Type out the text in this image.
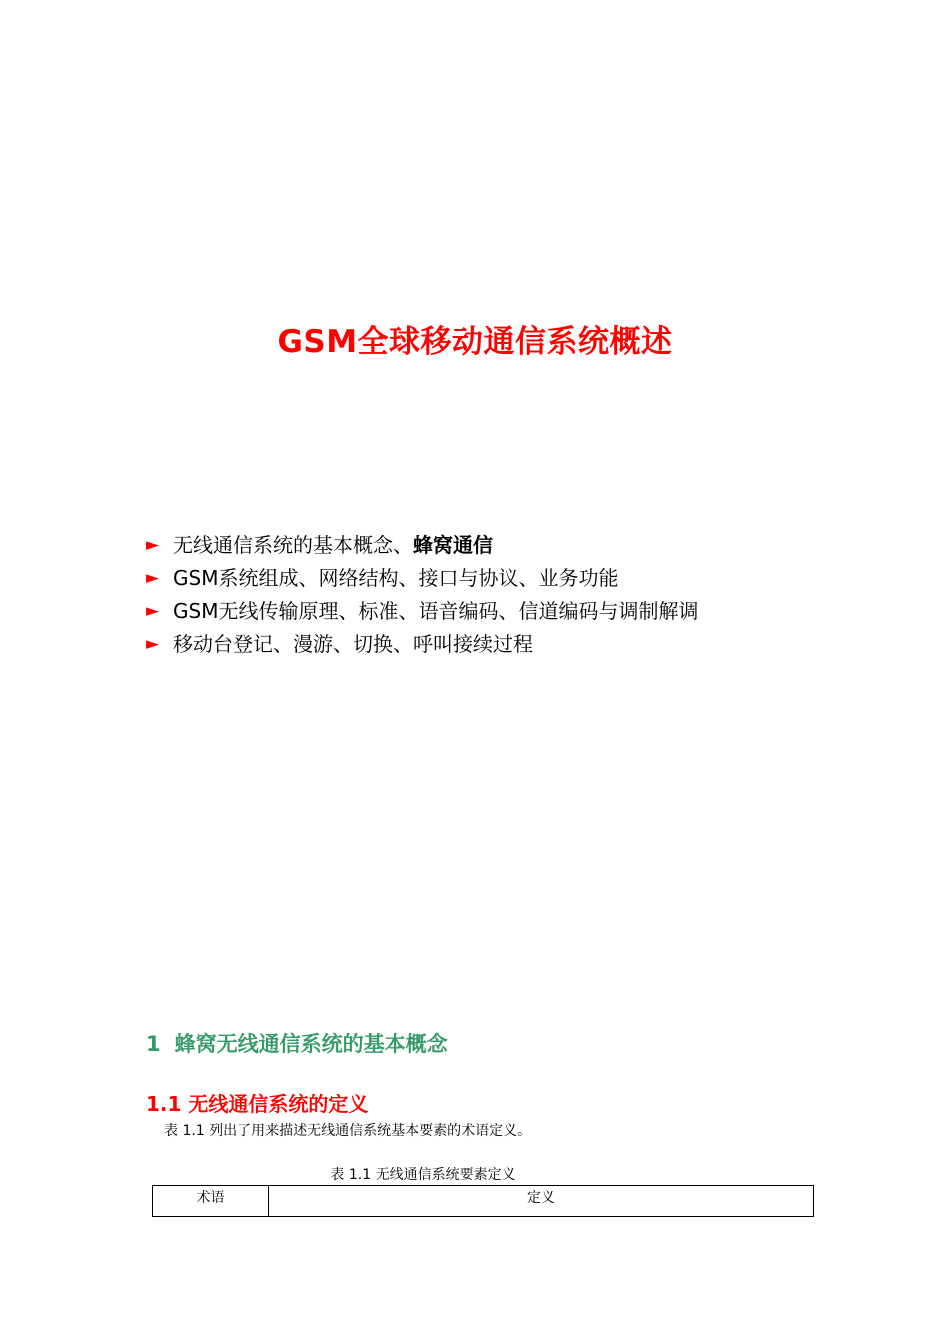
GSM全球移动通信系统概述
► 无线通信系统的基本概念、 蜂窝通信
► GSM系统组成、网络结构、接口与协议、业务功能
► GSM无线传输原理、标准、语音编码、信道编码与调制解调
► 移动台登记、漫游、切换、呼叫接续过程
1 蜂窝无线通信系统的基本概念
1.1 无线通信系统的定义

表 1.1 列出了用来描述无线通信系统基本要素的术语定义。

表 1.1 无线通信系统要素定义

术语	定义
